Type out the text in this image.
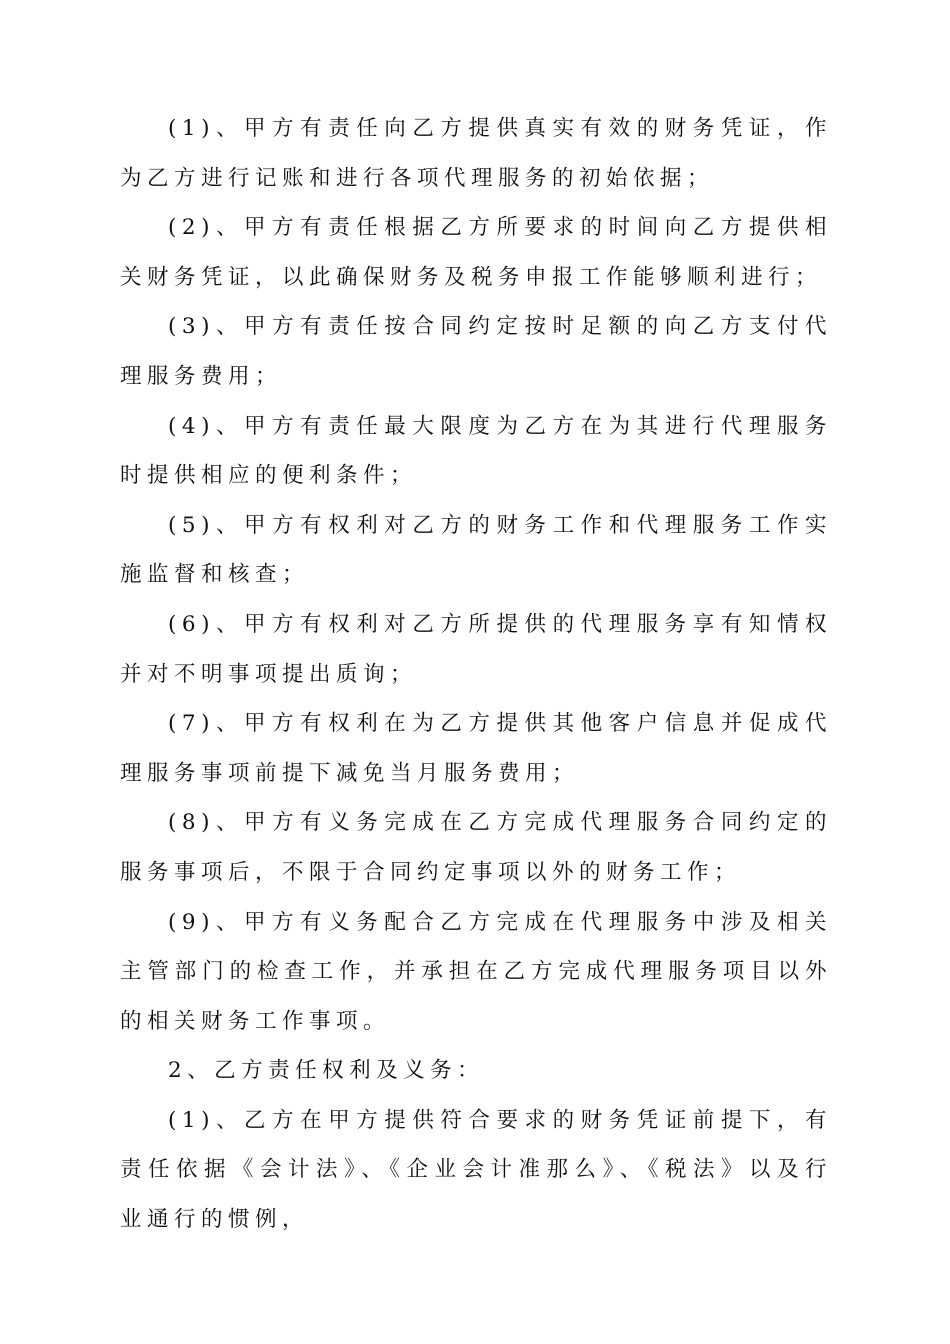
(1)、甲方有责任向乙方提供真实有效的财务凭证，作为乙方进行记账和进行各项代理服务的初始依据；

(2)、甲方有责任根据乙方所要求的时间向乙方提供相关财务凭证，以此确保财务及税务申报工作能够顺利进行；

(3)、甲方有责任按合同约定按时足额的向乙方支付代理服务费用；

(4)、甲方有责任最大限度为乙方在为其进行代理服务时提供相应的便利条件；

(5)、甲方有权利对乙方的财务工作和代理服务工作实施监督和核查；

(6)、甲方有权利对乙方所提供的代理服务享有知情权并对不明事项提出质询；

(7)、甲方有权利在为乙方提供其他客户信息并促成代理服务事项前提下减免当月服务费用；

(8)、甲方有义务完成在乙方完成代理服务合同约定的服务事项后，不限于合同约定事项以外的财务工作；

(9)、甲方有义务配合乙方完成在代理服务中涉及相关主管部门的检查工作，并承担在乙方完成代理服务项目以外的相关财务工作事项。

2、乙方责任权利及义务：

(1)、乙方在甲方提供符合要求的财务凭证前提下，有责任依据《会计法》、《企业会计准那么》、《税法》以及行业通行的惯例，
